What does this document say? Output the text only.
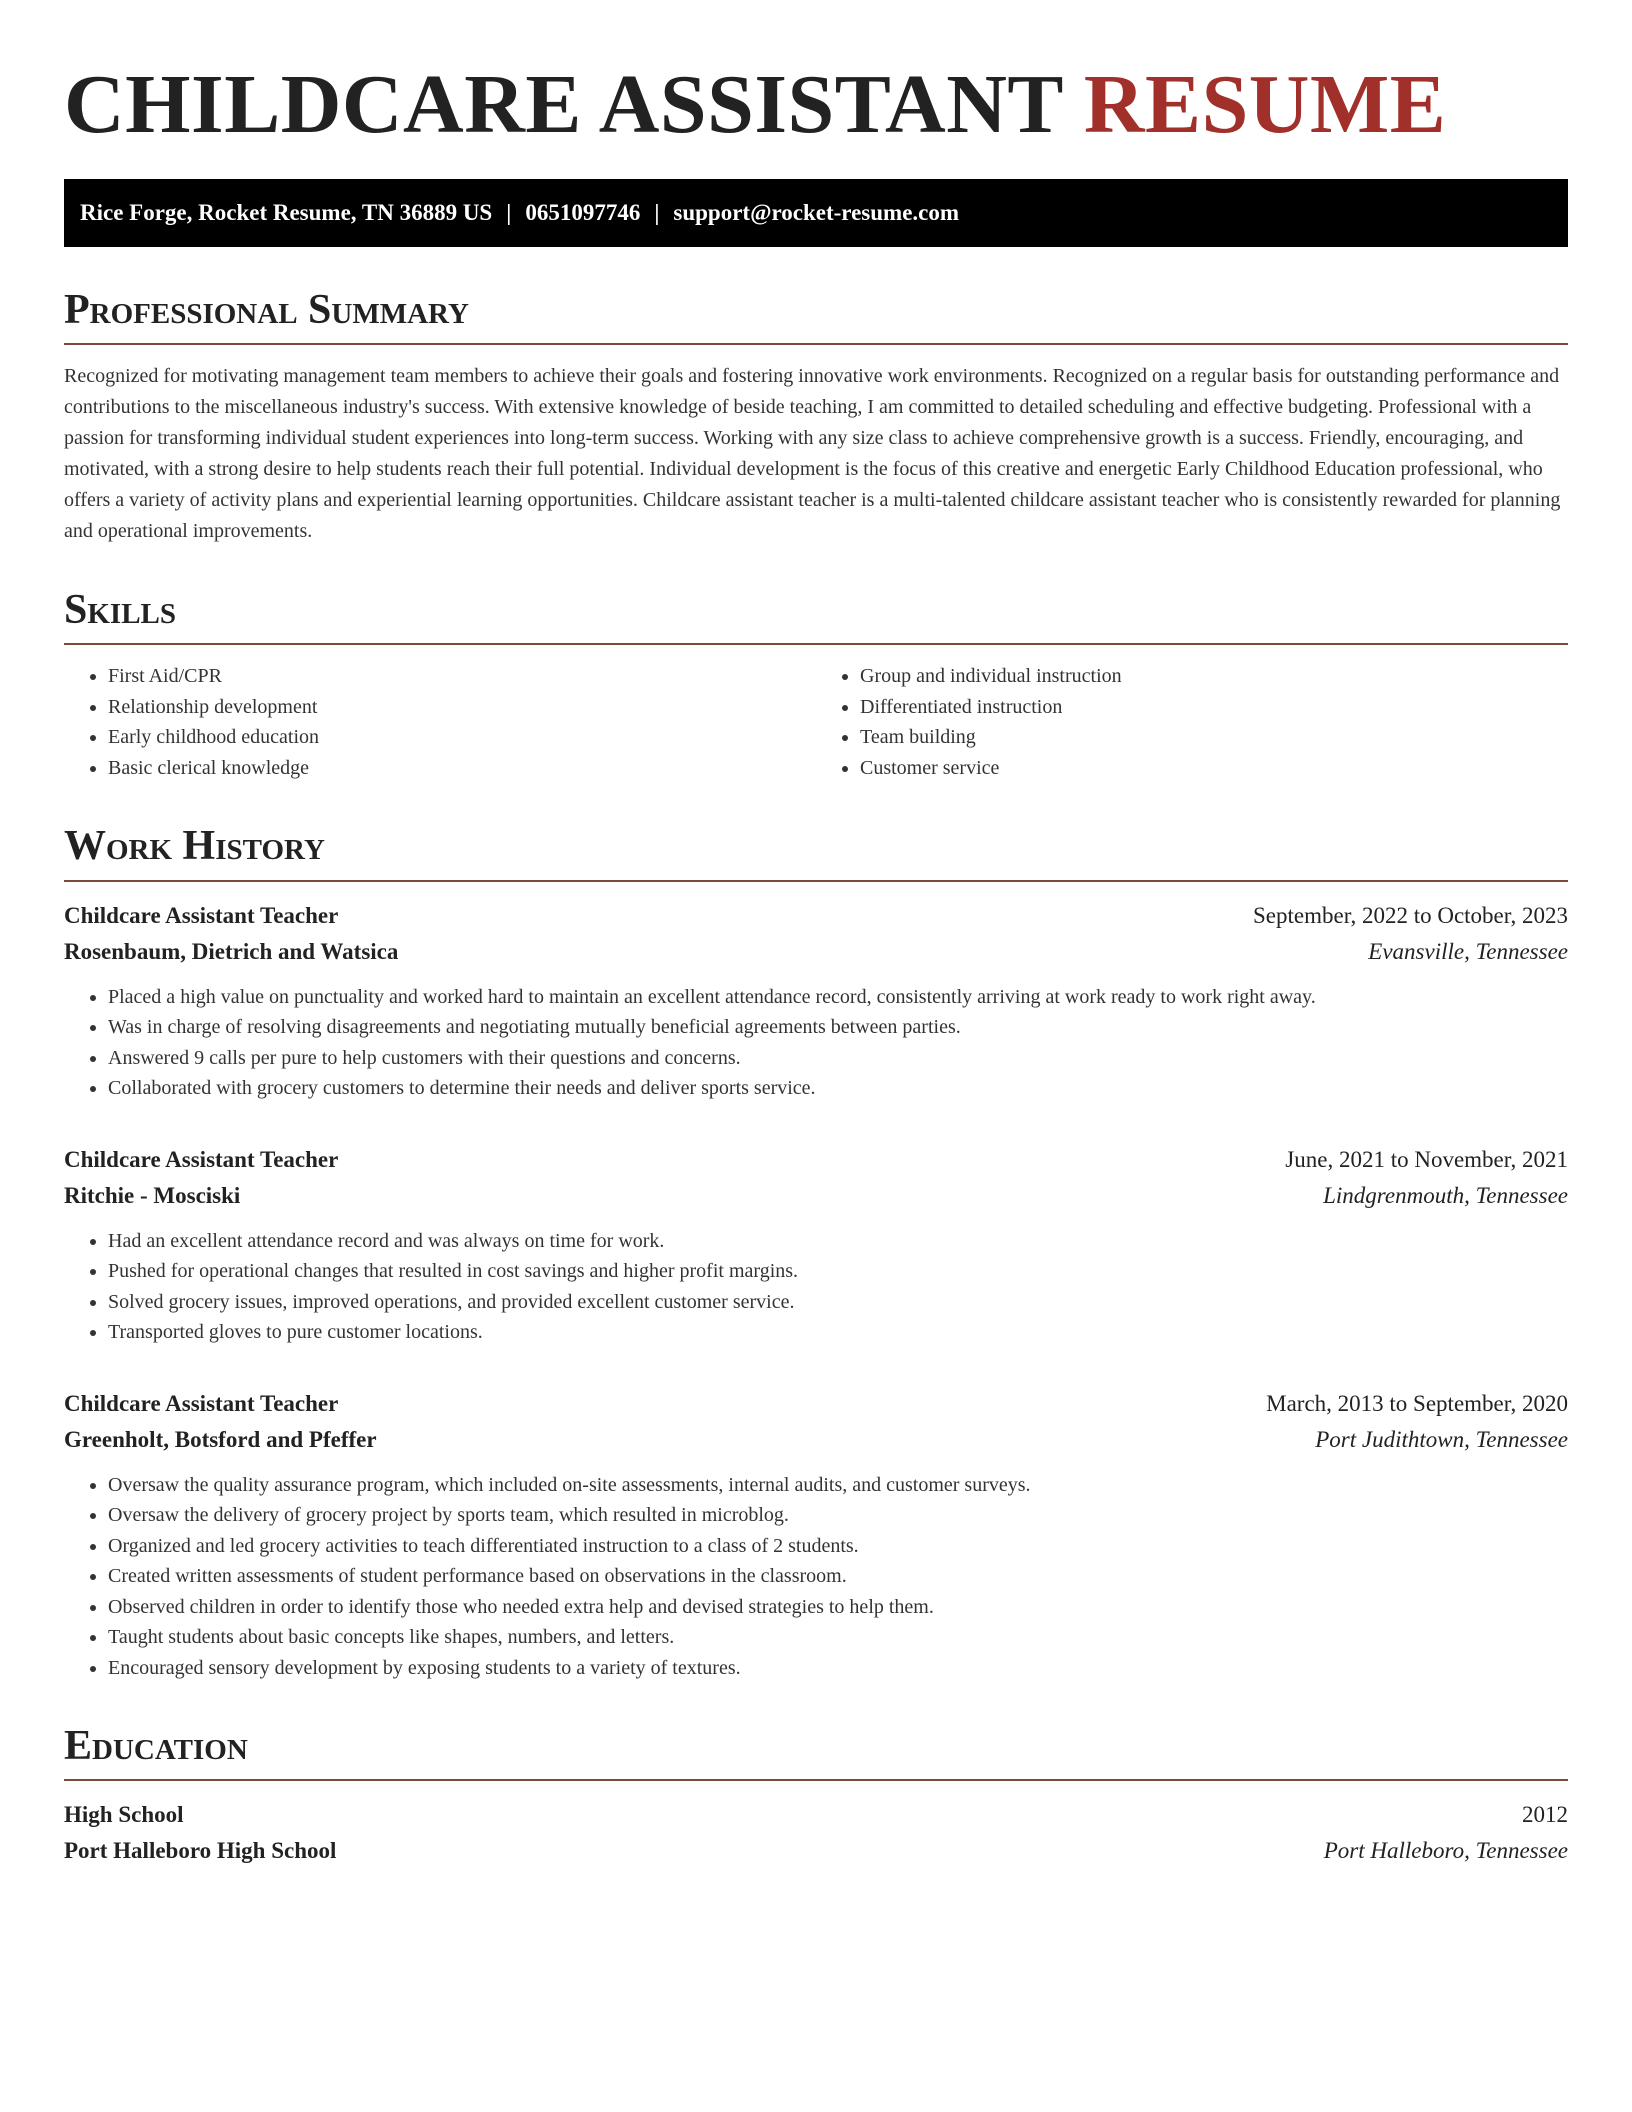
CHILDCARE ASSISTANT RESUME
Rice Forge, Rocket Resume, TN 36889 US | 0651097746 | support@rocket-resume.com
Professional Summary

Recognized for motivating management team members to achieve their goals and fostering innovative work environments. Recognized on a regular basis for outstanding performance and contributions to the miscellaneous industry's success. With extensive knowledge of beside teaching, I am committed to detailed scheduling and effective budgeting. Professional with a passion for transforming individual student experiences into long-term success. Working with any size class to achieve comprehensive growth is a success. Friendly, encouraging, and motivated, with a strong desire to help students reach their full potential. Individual development is the focus of this creative and energetic Early Childhood Education professional, who offers a variety of activity plans and experiential learning opportunities. Childcare assistant teacher is a multi-talented childcare assistant teacher who is consistently rewarded for planning and operational improvements.

Skills
• First Aid/CPR
• Relationship development
• Early childhood education
• Basic clerical knowledge
• Group and individual instruction
• Differentiated instruction
• Team building
• Customer service
Work History
Childcare Assistant Teacher	September, 2022 to October, 2023
Rosenbaum, Dietrich and Watsica	Evansville, Tennessee
• Placed a high value on punctuality and worked hard to maintain an excellent attendance record, consistently arriving at work ready to work right away.
• Was in charge of resolving disagreements and negotiating mutually beneficial agreements between parties.
• Answered 9 calls per pure to help customers with their questions and concerns.
• Collaborated with grocery customers to determine their needs and deliver sports service.
Childcare Assistant Teacher	June, 2021 to November, 2021
Ritchie - Mosciski	Lindgrenmouth, Tennessee
• Had an excellent attendance record and was always on time for work.
• Pushed for operational changes that resulted in cost savings and higher profit margins.
• Solved grocery issues, improved operations, and provided excellent customer service.
• Transported gloves to pure customer locations.
Childcare Assistant Teacher	March, 2013 to September, 2020
Greenholt, Botsford and Pfeffer	Port Judithtown, Tennessee
• Oversaw the quality assurance program, which included on-site assessments, internal audits, and customer surveys.
• Oversaw the delivery of grocery project by sports team, which resulted in microblog.
• Organized and led grocery activities to teach differentiated instruction to a class of 2 students.
• Created written assessments of student performance based on observations in the classroom.
• Observed children in order to identify those who needed extra help and devised strategies to help them.
• Taught students about basic concepts like shapes, numbers, and letters.
• Encouraged sensory development by exposing students to a variety of textures.
Education
High School	2012
Port Halleboro High School	Port Halleboro, Tennessee
